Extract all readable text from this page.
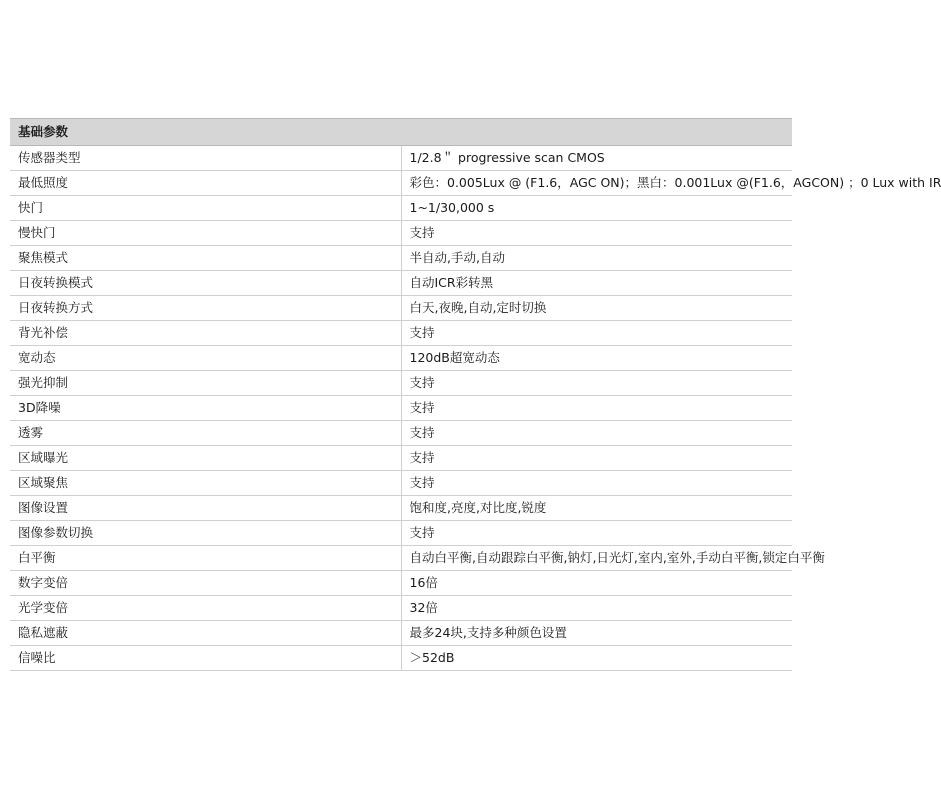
基础参数	
传感器类型	1/2.8＂ progressive scan CMOS
最低照度	彩色：0.005Lux @ (F1.6，AGC ON)；黑白：0.001Lux @(F1.6，AGCON) ；0 Lux with IR
快门	1~1/30,000 s
慢快门	支持
聚焦模式	半自动,手动,自动
日夜转换模式	自动ICR彩转黑
日夜转换方式	白天,夜晚,自动,定时切换
背光补偿	支持
宽动态	120dB超宽动态
强光抑制	支持
3D降噪	支持
透雾	支持
区域曝光	支持
区域聚焦	支持
图像设置	饱和度,亮度,对比度,锐度
图像参数切换	支持
白平衡	自动白平衡,自动跟踪白平衡,钠灯,日光灯,室内,室外,手动白平衡,锁定白平衡
数字变倍	16倍
光学变倍	32倍
隐私遮蔽	最多24块,支持多种颜色设置
信噪比	＞52dB
